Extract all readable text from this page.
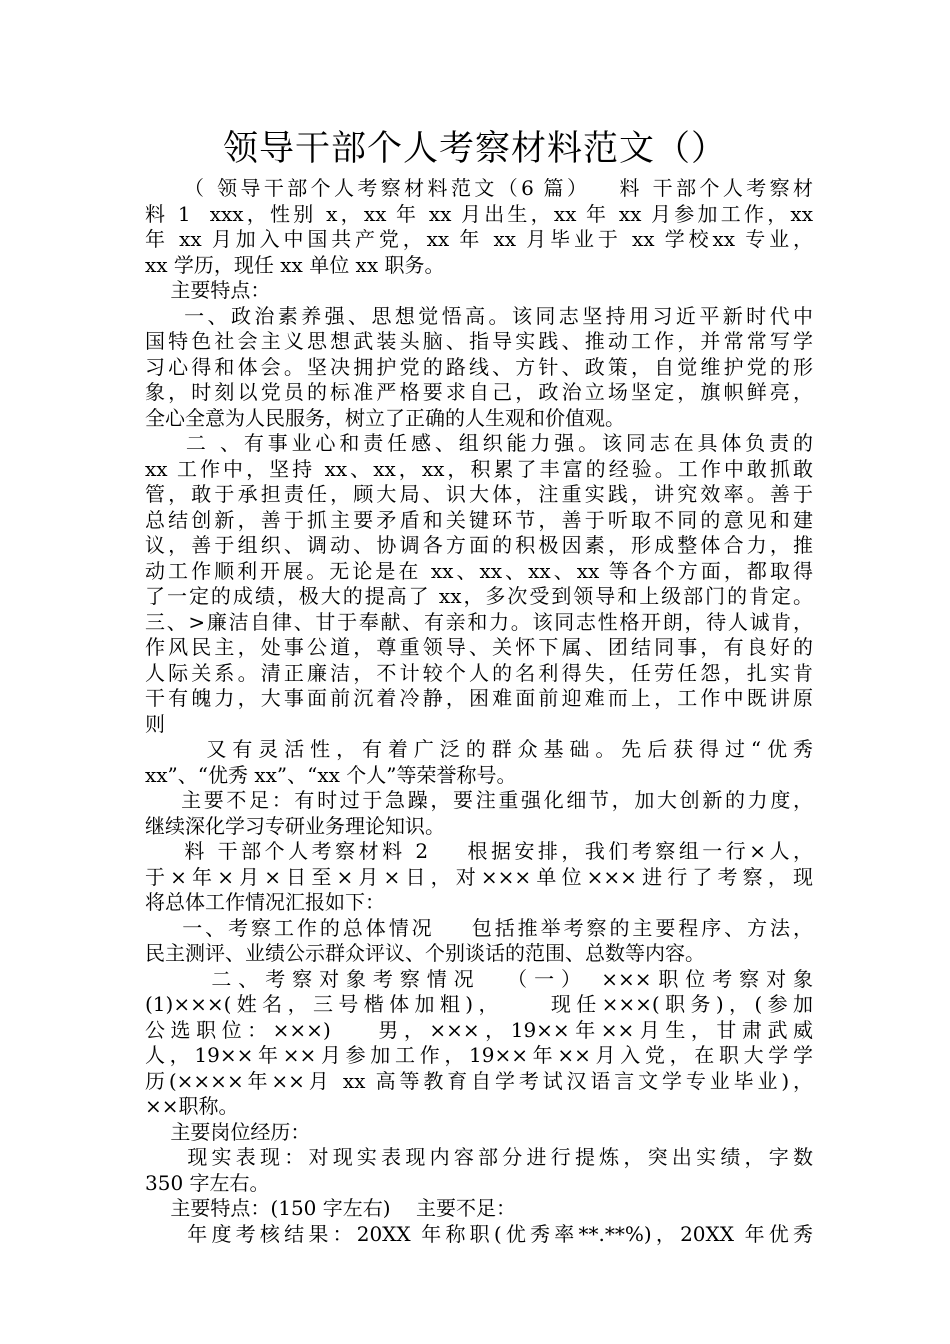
领导干部个人考察材料范文（）
（ 领导干部个人考察材料范文（6 篇）   料 干部个人考察材
料 1  xxx，性别 x，xx 年 xx 月出生，xx 年 xx 月参加工作，xx
年 xx 月加入中国共产党，xx 年 xx 月毕业于 xx 学校xx 专业，
xx 学历，现任 xx 单位 xx 职务。
主要特点：
一、政治素养强、思想觉悟高。该同志坚持用习近平新时代中
国特色社会主义思想武装头脑、指导实践、推动工作，并常常写学
习心得和体会。坚决拥护党的路线、方针、政策，自觉维护党的形
象，时刻以党员的标准严格要求自己，政治立场坚定，旗帜鲜亮，
全心全意为人民服务，树立了正确的人生观和价值观。
二 、有事业心和责任感、组织能力强。该同志在具体负责的
xx 工作中，坚持 xx、xx，xx，积累了丰富的经验。工作中敢抓敢
管，敢于承担责任，顾大局、识大体，注重实践，讲究效率。善于
总结创新，善于抓主要矛盾和关键环节，善于听取不同的意见和建
议，善于组织、调动、协调各方面的积极因素，形成整体合力，推
动工作顺利开展。无论是在 xx、xx、xx、xx 等各个方面，都取得
了一定的成绩，极大的提高了 xx，多次受到领导和上级部门的肯定。
三、>廉洁自律、甘于奉献、有亲和力。该同志性格开朗，待人诚肯，
作风民主，处事公道，尊重领导、关怀下属、团结同事，有良好的
人际关系。清正廉洁，不计较个人的名利得失，任劳任怨，扎实肯
干有魄力，大事面前沉着冷静，困难面前迎难而上，工作中既讲原
则
又有灵活性，有着广泛的群众基础。先后获得过“优秀
xx”、“优秀 xx”、“xx 个人”等荣誉称号。
主要不足：有时过于急躁，要注重强化细节，加大创新的力度，
继续深化学习专研业务理论知识。
料 干部个人考察材料 2    根据安排，我们考察组一行×人，
于×年×月×日至×月×日，对×××单位×××进行了考察，现
将总体工作情况汇报如下：
一、考察工作的总体情况    包括推举考察的主要程序、方法，
民主测评、业绩公示群众评议、个别谈话的范围、总数等内容。
二、考察对象考察情况  （一） ×××职位考察对象
(1)×××(姓名，三号楷体加粗)，    现任×××(职务)，(参加
公选职位：×××)    男，×××，19××年××月生，甘肃武威
人，19××年××月参加工作，19××年××月入党，在职大学学
历(××××年××月 xx 高等教育自学考试汉语言文学专业毕业)，
××职称。
主要岗位经历：
现实表现：对现实表现内容部分进行提炼，突出实绩，字数
350 字左右。
主要特点：(150 字左右)    主要不足：
年度考核结果：20XX 年称职(优秀率**.**%)，20XX 年优秀
